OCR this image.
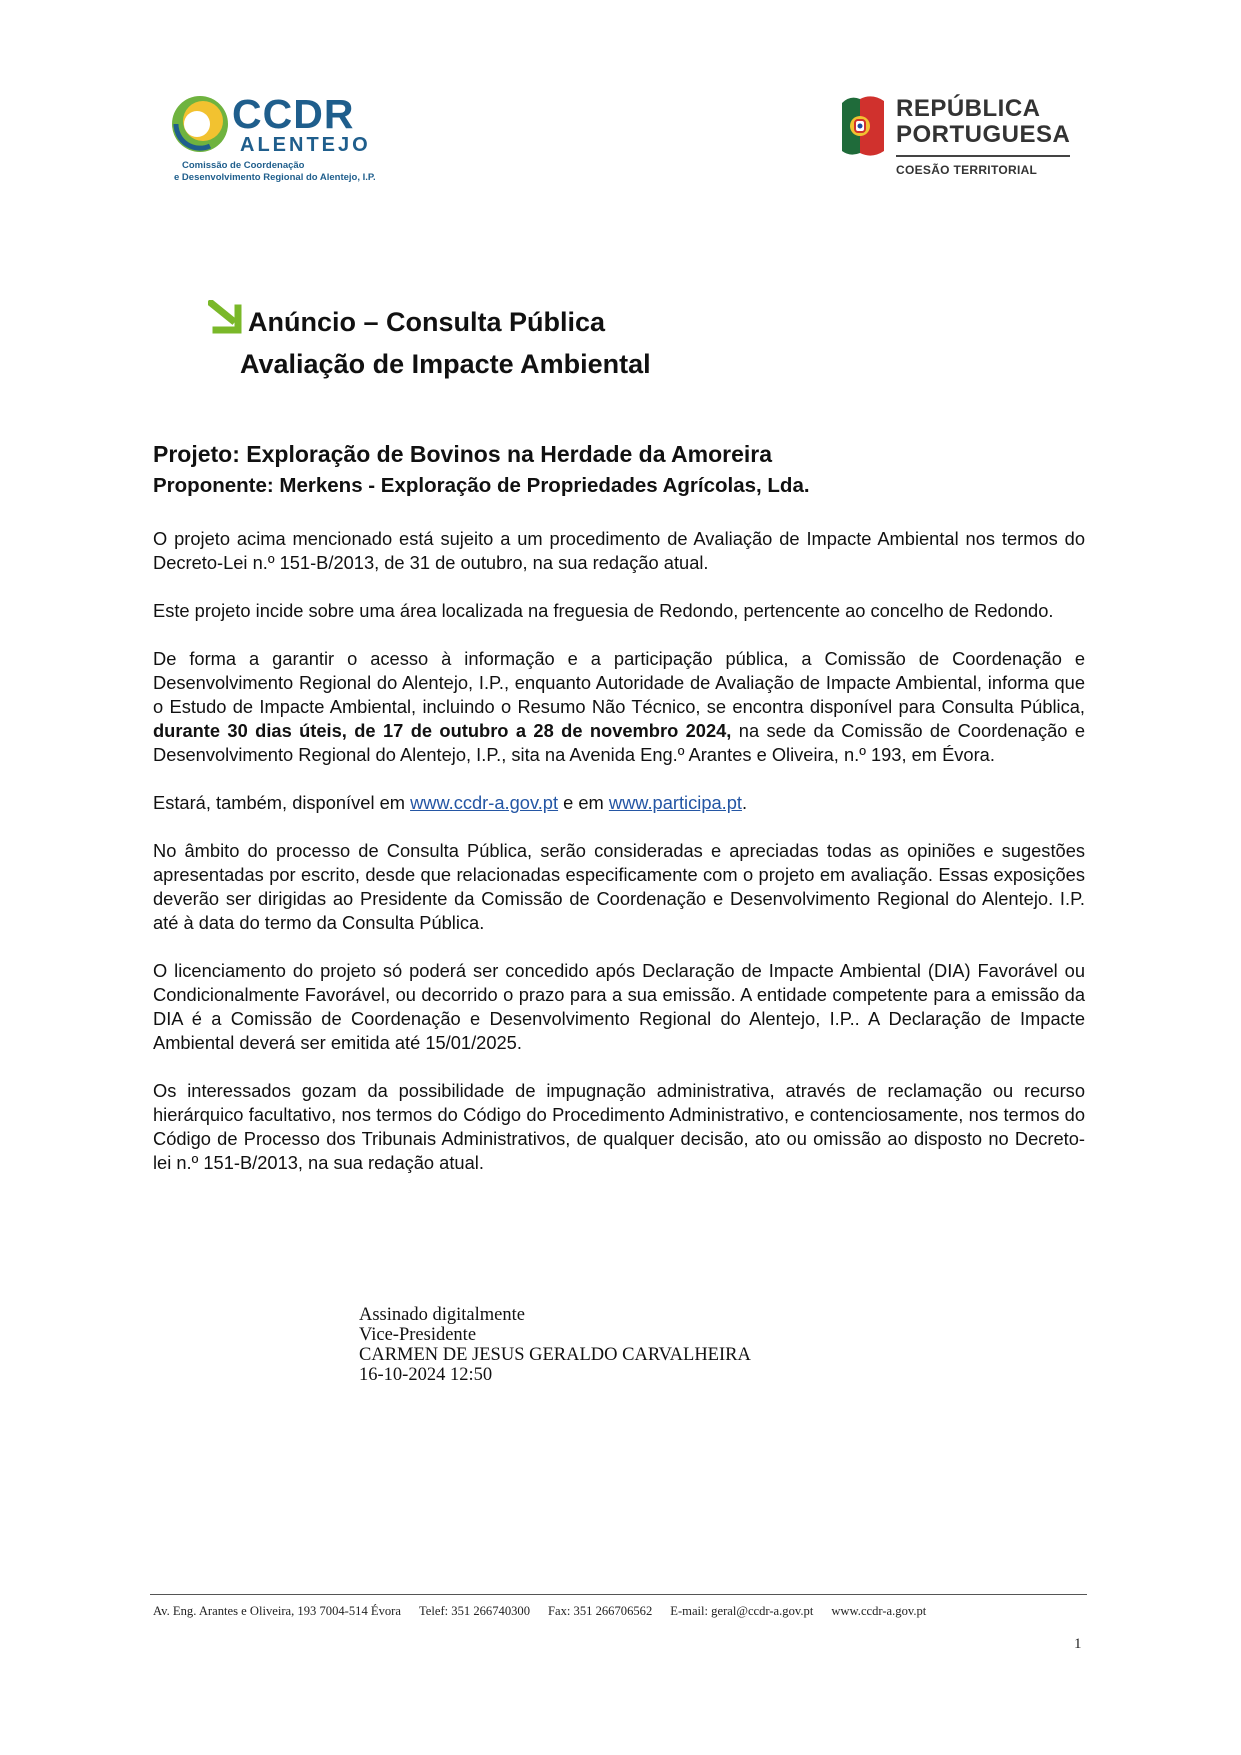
CCDR
ALENTEJO
Comissão de Coordenação
e Desenvolvimento Regional do Alentejo, I.P.
REPÚBLICA
PORTUGUESA
COESÃO TERRITORIAL
Anúncio – Consulta Pública
Avaliação de Impacte Ambiental
Projeto: Exploração de Bovinos na Herdade da Amoreira
Proponente: Merkens - Exploração de Propriedades Agrícolas, Lda.

O projeto acima mencionado está sujeito a um procedimento de Avaliação de Impacte Ambiental nos termos do Decreto-Lei n.º 151-B/2013, de 31 de outubro, na sua redação atual.

Este projeto incide sobre uma área localizada na freguesia de Redondo, pertencente ao concelho de Redondo.

De forma a garantir o acesso à informação e a participação pública, a Comissão de Coordenação e Desenvolvimento Regional do Alentejo, I.P., enquanto Autoridade de Avaliação de Impacte Ambiental, informa que o Estudo de Impacte Ambiental, incluindo o Resumo Não Técnico, se encontra disponível para Consulta Pública, durante 30 dias úteis, de 17 de outubro a 28 de novembro 2024, na sede da Comissão de Coordenação e Desenvolvimento Regional do Alentejo, I.P., sita na Avenida Eng.º Arantes e Oliveira, n.º 193, em Évora.

Estará, também, disponível em www.ccdr-a.gov.pt e em www.participa.pt.

No âmbito do processo de Consulta Pública, serão consideradas e apreciadas todas as opiniões e sugestões apresentadas por escrito, desde que relacionadas especificamente com o projeto em avaliação. Essas exposições deverão ser dirigidas ao Presidente da Comissão de Coordenação e Desenvolvimento Regional do Alentejo. I.P. até à data do termo da Consulta Pública.

O licenciamento do projeto só poderá ser concedido após Declaração de Impacte Ambiental (DIA) Favorável ou Condicionalmente Favorável, ou decorrido o prazo para a sua emissão. A entidade competente para a emissão da DIA é a Comissão de Coordenação e Desenvolvimento Regional do Alentejo, I.P.. A Declaração de Impacte Ambiental deverá ser emitida até 15/01/2025.

Os interessados gozam da possibilidade de impugnação administrativa, através de reclamação ou recurso hierárquico facultativo, nos termos do Código do Procedimento Administrativo, e contenciosamente, nos termos do Código de Processo dos Tribunais Administrativos, de qualquer decisão, ato ou omissão ao disposto no Decreto-lei n.º 151-B/2013, na sua redação atual.

Assinado digitalmente
Vice-Presidente
CARMEN DE JESUS GERALDO CARVALHEIRA
16-10-2024 12:50
Av. Eng. Arantes e Oliveira, 193 7004-514 Évora Telef: 351 266740300 Fax: 351 266706562 E-mail: geral@ccdr-a.gov.pt www.ccdr-a.gov.pt
1
